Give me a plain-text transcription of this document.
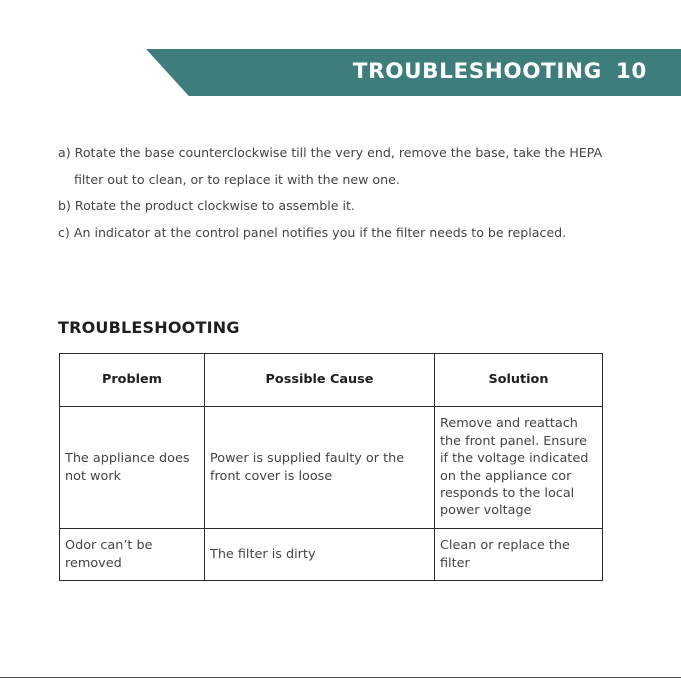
TROUBLESHOOTING 10

a) Rotate the base counterclockwise till the very end, remove the base, take the HEPA

filter out to clean, or to replace it with the new one.

b) Rotate the product clockwise to assemble it.

c) An indicator at the control panel notifies you if the filter needs to be replaced.

TROUBLESHOOTING
Problem	Possible Cause	Solution
The appliance does not work	Power is supplied faulty or the front cover is loose	Remove and reattach the front panel. Ensure if the voltage indicated on the appliance cor responds to the local power voltage
Odor can’t be removed	The filter is dirty	Clean or replace the filter
